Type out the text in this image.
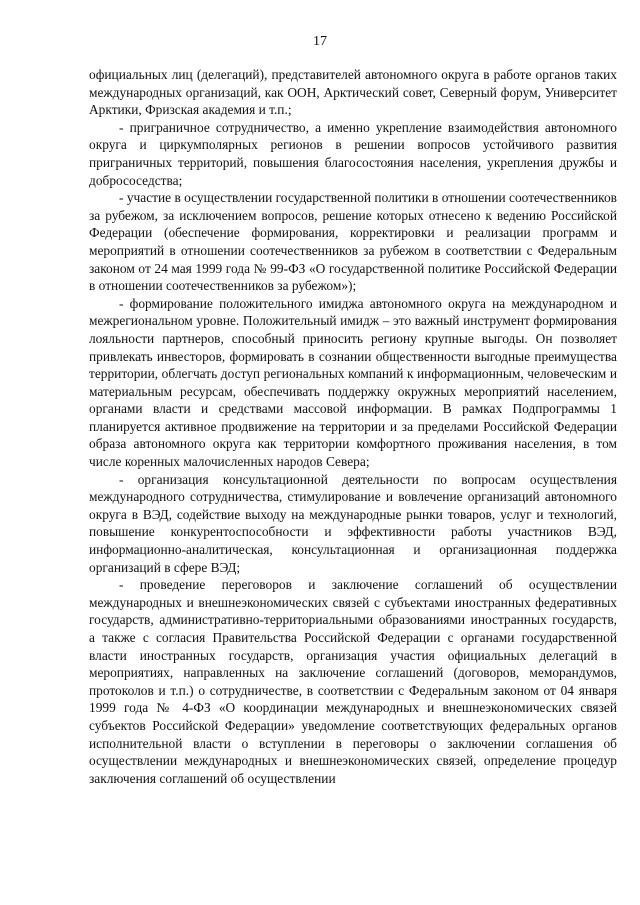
17

официальных лиц (делегаций), представителей автономного округа в работе органов таких международных организаций, как ООН, Арктический совет, Северный форум, Университет Арктики, Фризская академия и т.п.;

- приграничное сотрудничество, а именно укрепление взаимодействия автономного округа и циркумполярных регионов в решении вопросов устойчивого развития приграничных территорий, повышения благосостояния населения, укрепления дружбы и добрососедства;

- участие в осуществлении государственной политики в отношении соотечественников за рубежом, за исключением вопросов, решение которых отнесено к ведению Российской Федерации (обеспечение формирования, корректировки и реализации программ и мероприятий в отношении соотечественников за рубежом в соответствии с Федеральным законом от 24 мая 1999 года № 99-ФЗ «О государственной политике Российской Федерации в отношении соотечественников за рубежом»);

- формирование положительного имиджа автономного округа на международном и межрегиональном уровне. Положительный имидж – это важный инструмент формирования лояльности партнеров, способный приносить региону крупные выгоды. Он позволяет привлекать инвесторов, формировать в сознании общественности выгодные преимущества территории, облегчать доступ региональных компаний к информационным, человеческим и материальным ресурсам, обеспечивать поддержку окружных мероприятий населением, органами власти и средствами массовой информации. В рамках Подпрограммы 1 планируется активное продвижение на территории и за пределами Российской Федерации образа автономного округа как территории комфортного проживания населения, в том числе коренных малочисленных народов Севера;

- организация консультационной деятельности по вопросам осуществления международного сотрудничества, стимулирование и вовлечение организаций автономного округа в ВЭД, содействие выходу на международные рынки товаров, услуг и технологий, повышение конкурентоспособности и эффективности работы участников ВЭД, информационно-аналитическая, консультационная и организационная поддержка организаций в сфере ВЭД;

- проведение переговоров и заключение соглашений об осуществлении международных и внешнеэкономических связей с субъектами иностранных федеративных государств, административно-территориальными образованиями иностранных государств, а также с согласия Правительства Российской Федерации с органами государственной власти иностранных государств, организация участия официальных делегаций в мероприятиях, направленных на заключение соглашений (договоров, меморандумов, протоколов и т.п.) о сотрудничестве, в соответствии с Федеральным законом от 04 января 1999 года № 4-ФЗ «О координации международных и внешнеэкономических связей субъектов Российской Федерации» уведомление соответствующих федеральных органов исполнительной власти о вступлении в переговоры о заключении соглашения об осуществлении международных и внешнеэкономических связей, определение процедур заключения соглашений об осуществлении
